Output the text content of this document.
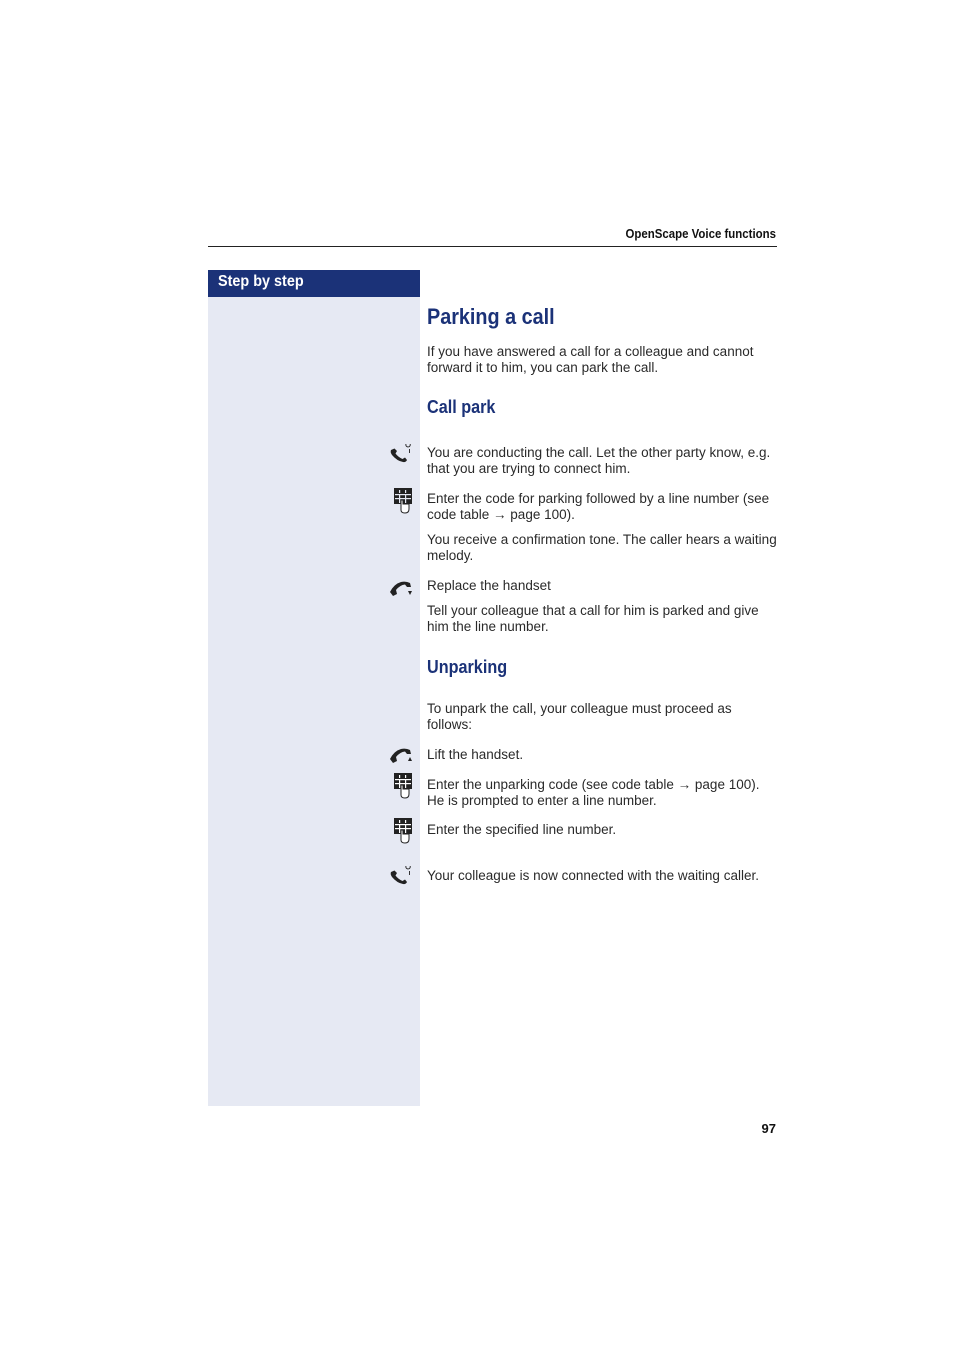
OpenScape Voice functions
Step by step
Parking a call
If you have answered a call for a colleague and cannot forward it to him, you can park the call.
Call park
You are conducting the call. Let the other party know, e.g. that you are trying to connect him.
Enter the code for parking followed by a line number (see code table → page 100).
You receive a confirmation tone. The caller hears a waiting melody.
Replace the handset
Tell your colleague that a call for him is parked and give him the line number.
Unparking
To unpark the call, your colleague must proceed as follows:
Lift the handset.
Enter the unparking code (see code table → page 100). He is prompted to enter a line number.
Enter the specified line number.
Your colleague is now connected with the waiting caller.
97
